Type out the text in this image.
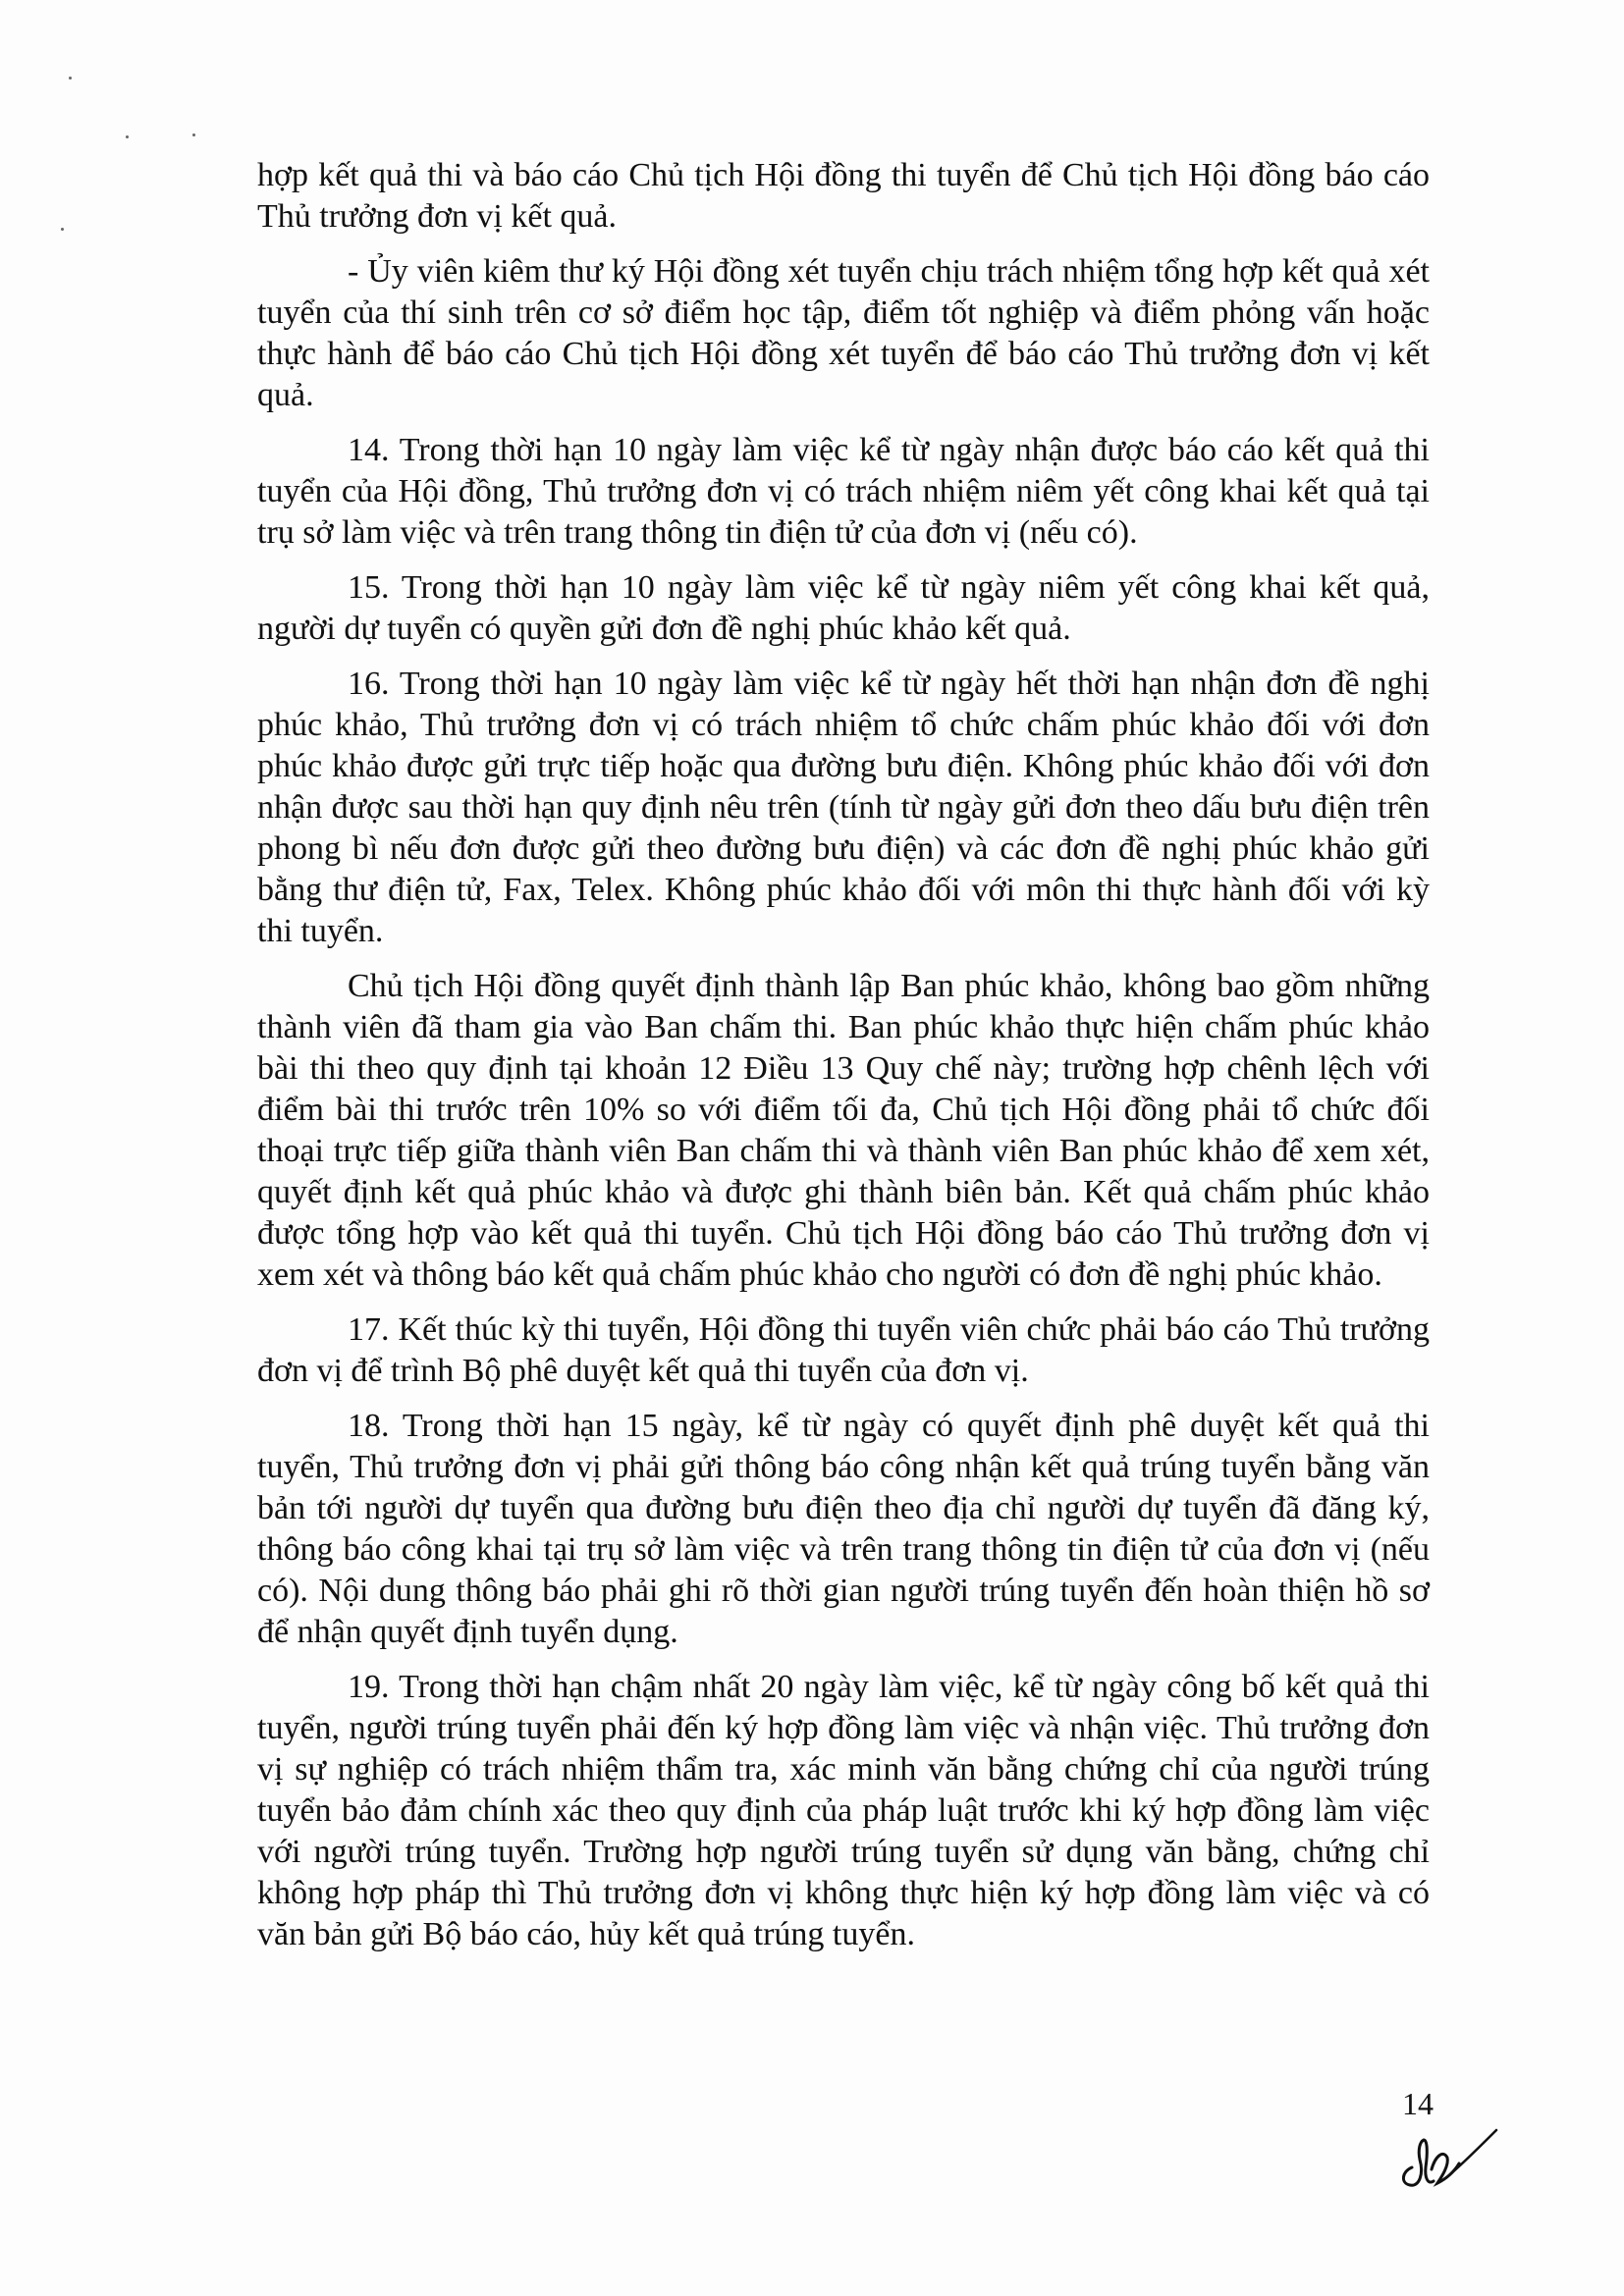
hợp kết quả thi và báo cáo Chủ tịch Hội đồng thi tuyển để Chủ tịch Hội đồng báo cáo Thủ trưởng đơn vị kết quả.

- Ủy viên kiêm thư ký Hội đồng xét tuyển chịu trách nhiệm tổng hợp kết quả xét tuyển của thí sinh trên cơ sở điểm học tập, điểm tốt nghiệp và điểm phỏng vấn hoặc thực hành để báo cáo Chủ tịch Hội đồng xét tuyển để báo cáo Thủ trưởng đơn vị kết quả.

14. Trong thời hạn 10 ngày làm việc kể từ ngày nhận được báo cáo kết quả thi tuyển của Hội đồng, Thủ trưởng đơn vị có trách nhiệm niêm yết công khai kết quả tại trụ sở làm việc và trên trang thông tin điện tử của đơn vị (nếu có).

15. Trong thời hạn 10 ngày làm việc kể từ ngày niêm yết công khai kết quả, người dự tuyển có quyền gửi đơn đề nghị phúc khảo kết quả.

16. Trong thời hạn 10 ngày làm việc kể từ ngày hết thời hạn nhận đơn đề nghị phúc khảo, Thủ trưởng đơn vị có trách nhiệm tổ chức chấm phúc khảo đối với đơn phúc khảo được gửi trực tiếp hoặc qua đường bưu điện. Không phúc khảo đối với đơn nhận được sau thời hạn quy định nêu trên (tính từ ngày gửi đơn theo dấu bưu điện trên phong bì nếu đơn được gửi theo đường bưu điện) và các đơn đề nghị phúc khảo gửi bằng thư điện tử, Fax, Telex. Không phúc khảo đối với môn thi thực hành đối với kỳ thi tuyển.

Chủ tịch Hội đồng quyết định thành lập Ban phúc khảo, không bao gồm những thành viên đã tham gia vào Ban chấm thi. Ban phúc khảo thực hiện chấm phúc khảo bài thi theo quy định tại khoản 12 Điều 13 Quy chế này; trường hợp chênh lệch với điểm bài thi trước trên 10% so với điểm tối đa, Chủ tịch Hội đồng phải tổ chức đối thoại trực tiếp giữa thành viên Ban chấm thi và thành viên Ban phúc khảo để xem xét, quyết định kết quả phúc khảo và được ghi thành biên bản. Kết quả chấm phúc khảo được tổng hợp vào kết quả thi tuyển. Chủ tịch Hội đồng báo cáo Thủ trưởng đơn vị xem xét và thông báo kết quả chấm phúc khảo cho người có đơn đề nghị phúc khảo.

17. Kết thúc kỳ thi tuyển, Hội đồng thi tuyển viên chức phải báo cáo Thủ trưởng đơn vị để trình Bộ phê duyệt kết quả thi tuyển của đơn vị.

18. Trong thời hạn 15 ngày, kể từ ngày có quyết định phê duyệt kết quả thi tuyển, Thủ trưởng đơn vị phải gửi thông báo công nhận kết quả trúng tuyển bằng văn bản tới người dự tuyển qua đường bưu điện theo địa chỉ người dự tuyển đã đăng ký, thông báo công khai tại trụ sở làm việc và trên trang thông tin điện tử của đơn vị (nếu có). Nội dung thông báo phải ghi rõ thời gian người trúng tuyển đến hoàn thiện hồ sơ để nhận quyết định tuyển dụng.

19. Trong thời hạn chậm nhất 20 ngày làm việc, kể từ ngày công bố kết quả thi tuyển, người trúng tuyển phải đến ký hợp đồng làm việc và nhận việc. Thủ trưởng đơn vị sự nghiệp có trách nhiệm thẩm tra, xác minh văn bằng chứng chỉ của người trúng tuyển bảo đảm chính xác theo quy định của pháp luật trước khi ký hợp đồng làm việc với người trúng tuyển. Trường hợp người trúng tuyển sử dụng văn bằng, chứng chỉ không hợp pháp thì Thủ trưởng đơn vị không thực hiện ký hợp đồng làm việc và có văn bản gửi Bộ báo cáo, hủy kết quả trúng tuyển.

14
